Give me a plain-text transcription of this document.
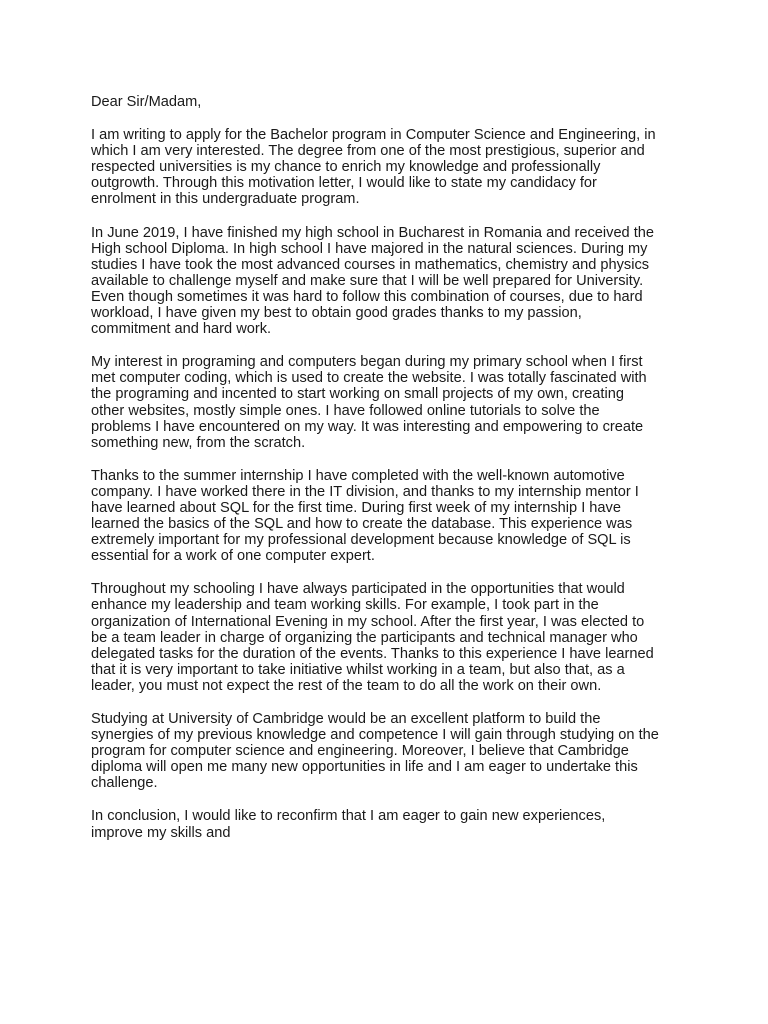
Dear Sir/Madam,

I am writing to apply for the Bachelor program in Computer Science and Engineering, in
which I am very interested. The degree from one of the most prestigious, superior and
respected universities is my chance to enrich my knowledge and professionally
outgrowth. Through this motivation letter, I would like to state my candidacy for
enrolment in this undergraduate program.

In June 2019, I have finished my high school in Bucharest in Romania and received the
High school Diploma. In high school I have majored in the natural sciences. During my
studies I have took the most advanced courses in mathematics, chemistry and physics
available to challenge myself and make sure that I will be well prepared for University.
Even though sometimes it was hard to follow this combination of courses, due to hard
workload, I have given my best to obtain good grades thanks to my passion,
commitment and hard work.

My interest in programing and computers began during my primary school when I first
met computer coding, which is used to create the website. I was totally fascinated with
the programing and incented to start working on small projects of my own, creating
other websites, mostly simple ones. I have followed online tutorials to solve the
problems I have encountered on my way. It was interesting and empowering to create
something new, from the scratch.

Thanks to the summer internship I have completed with the well-known automotive
company. I have worked there in the IT division, and thanks to my internship mentor I
have learned about SQL for the first time. During first week of my internship I have
learned the basics of the SQL and how to create the database. This experience was
extremely important for my professional development because knowledge of SQL is
essential for a work of one computer expert.

Throughout my schooling I have always participated in the opportunities that would
enhance my leadership and team working skills. For example, I took part in the
organization of International Evening in my school. After the first year, I was elected to
be a team leader in charge of organizing the participants and technical manager who
delegated tasks for the duration of the events. Thanks to this experience I have learned
that it is very important to take initiative whilst working in a team, but also that, as a
leader, you must not expect the rest of the team to do all the work on their own.

Studying at University of Cambridge would be an excellent platform to build the
synergies of my previous knowledge and competence I will gain through studying on the
program for computer science and engineering. Moreover, I believe that Cambridge
diploma will open me many new opportunities in life and I am eager to undertake this
challenge.

In conclusion, I would like to reconfirm that I am eager to gain new experiences,
improve my skills and
